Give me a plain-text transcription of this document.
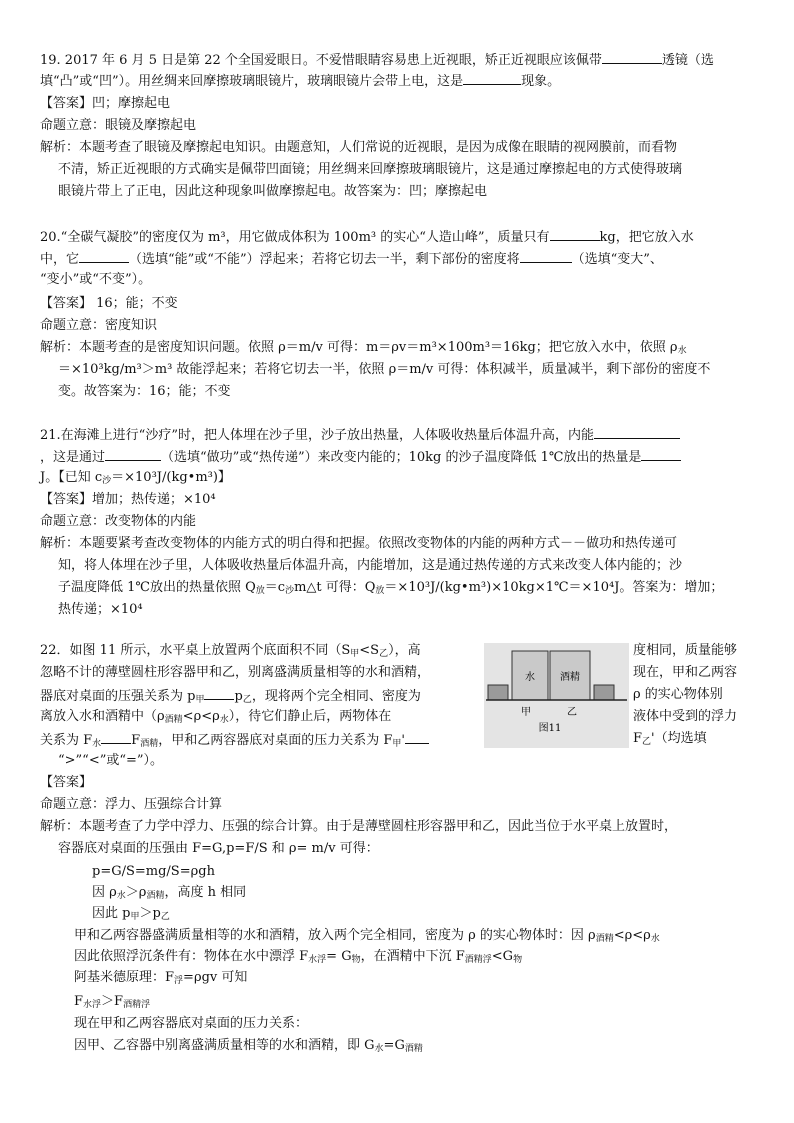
19. 2017 年 6 月 5 日是第 22 个全国爱眼日。不爱惜眼睛容易患上近视眼，矫正近视眼应该佩带	透镜（选
填“凸”或“凹”）。用丝绸来回摩擦玻璃眼镜片，玻璃眼镜片会带上电，这是	现象。
【答案】凹；摩擦起电
命题立意：眼镜及摩擦起电
解析：本题考查了眼镜及摩擦起电知识。由题意知，人们常说的近视眼，是因为成像在眼睛的视网膜前，而看物
不清，矫正近视眼的方式确实是佩带凹面镜；用丝绸来回摩擦玻璃眼镜片，这是通过摩擦起电的方式使得玻璃
眼镜片带上了正电，因此这种现象叫做摩擦起电。故答案为：凹；摩擦起电
20.“全碳气凝胶”的密度仅为 m³，用它做成体积为 100m³ 的实心“人造山峰”，质量只有	kg，把它放入水
中，它	（选填“能”或“不能”）浮起来；若将它切去一半，剩下部份的密度将	（选填“变大”、
“变小”或“不变”）。
【答案】 16；能；不变
命题立意：密度知识
解析：本题考查的是密度知识问题。依照 ρ＝m/v 可得：m＝ρv＝m³×100m³＝16kg；把它放入水中，依照 $\rho_水$
＝×10³kg/m³＞m³ 故能浮起来；若将它切去一半，依照 ρ＝m/v 可得：体积减半，质量减半，剩下部份的密度不
变。故答案为：16；能；不变
21.在海滩上进行“沙疗”时，把人体埋在沙子里，沙子放出热量，人体吸收热量后体温升高，内能
，这是通过	（选填“做功”或“热传递”）来改变内能的；10kg 的沙子温度降低 1℃放出的热量是
J。【已知 $c_沙=\times 10^3J/(kg•m^3)$】
【答案】增加；热传递；×10⁴
命题立意：改变物体的内能
解析：本题要紧考查改变物体的内能方式的明白得和把握。依照改变物体的内能的两种方式－－做功和热传递可
知，将人体埋在沙子里，人体吸收热量后体温升高，内能增加，这是通过热传递的方式来改变人体内能的；沙
子温度降低 1℃放出的热量依照 $Q_放=c_沙m\triangle t$ 可得：$Q_放=\times 10^3J/(kg•m^3)\times 10kg\times 1℃=\times 10^4J$。答案为：增加；
热传递；×10⁴
22．如图 11 所示，水平桌上放置两个底面积不同$(S_甲<S_乙)$，高
忽略不计的薄壁圆柱形容器甲和乙，别离盛满质量相等的水和酒精，
器底对桌面的压强关系为 $p_甲$ $p_乙$，现将两个完全相同、密度为
离放入水和酒精中$(\rho_{酒精}<\rho<\rho_水)$，待它们静止后，两物体在
关系为 $F_水$ $F_{酒精}$，甲和乙两容器底对桌面的压力关系为 $F_甲'$
度相同，质量能够
现在，甲和乙两容
ρ 的实心物体别
液体中受到的浮力
$F_乙'$（均选填
水	酒精
甲	乙
图11
“>”“<”或“=”）。
【答案】
命题立意：浮力、压强综合计算
解析：本题考查了力学中浮力、压强的综合计算。由于是薄壁圆柱形容器甲和乙，因此当位于水平桌上放置时，
容器底对桌面的压强由 F=G,p=F/S 和 ρ= m/v 可得：
p=G/S=mg/S=ρgh
因 $\rho_水>\rho_{酒精}$，高度 h 相同
因此 $p_甲>p_乙$
甲和乙两容器盛满质量相等的水和酒精，放入两个完全相同，密度为 ρ 的实心物体时：因 $\rho_{酒精}<\rho<\rho_水$
因此依照浮沉条件有：物体在水中漂浮 $F_{水浮}= G_物$，在酒精中下沉 $F_{酒精浮}<G_物$
阿基米德原理：$F_浮=\rho gv$ 可知
$F_{水浮}>F_{酒精浮}$
现在甲和乙两容器底对桌面的压力关系：
因甲、乙容器中别离盛满质量相等的水和酒精，即 $G_水=G_{酒精}$
